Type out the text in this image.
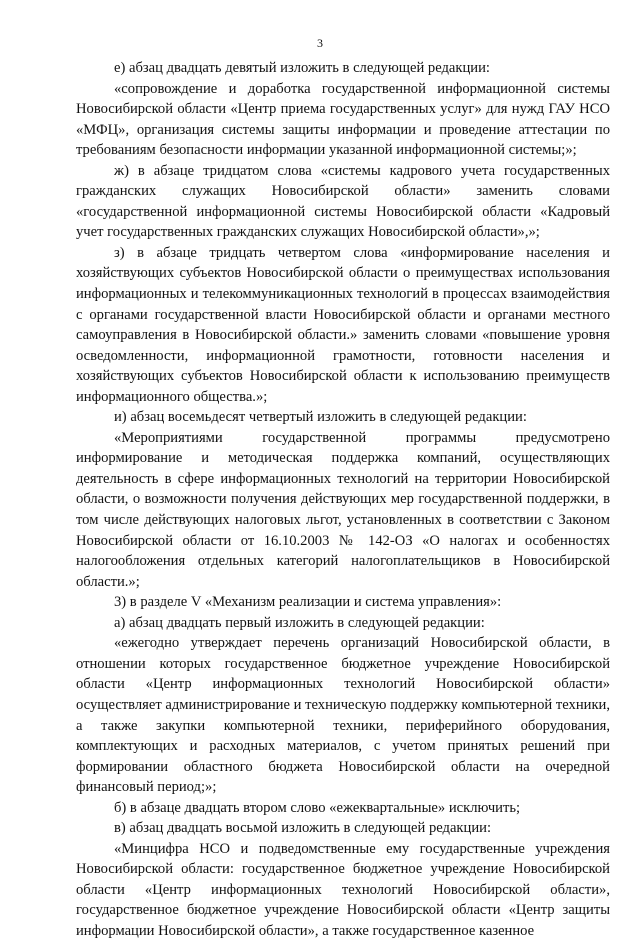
3

е) абзац двадцать девятый изложить в следующей редакции:

«сопровождение и доработка государственной информационной системы Новосибирской области «Центр приема государственных услуг» для нужд ГАУ НСО «МФЦ», организация системы защиты информации и проведение аттестации по требованиям безопасности информации указанной информационной системы;»;

ж) в абзаце тридцатом слова «системы кадрового учета государственных гражданских служащих Новосибирской области» заменить словами «государственной информационной системы Новосибирской области «Кадровый учет государственных гражданских служащих Новосибирской области»,»;

з) в абзаце тридцать четвертом слова «информирование населения и хозяйствующих субъектов Новосибирской области о преимуществах использования информационных и телекоммуникационных технологий в процессах взаимодействия с органами государственной власти Новосибирской области и органами местного самоуправления в Новосибирской области.» заменить словами «повышение уровня осведомленности, информационной грамотности, готовности населения и хозяйствующих субъектов Новосибирской области к использованию преимуществ информационного общества.»;

и) абзац восемьдесят четвертый изложить в следующей редакции:

«Мероприятиями государственной программы предусмотрено информирование и методическая поддержка компаний, осуществляющих деятельность в сфере информационных технологий на территории Новосибирской области, о возможности получения действующих мер государственной поддержки, в том числе действующих налоговых льгот, установленных в соответствии с Законом Новосибирской области от 16.10.2003 № 142-ОЗ «О налогах и особенностях налогообложения отдельных категорий налогоплательщиков в Новосибирской области.»;

3) в разделе V «Механизм реализации и система управления»:

а) абзац двадцать первый изложить в следующей редакции:

«ежегодно утверждает перечень организаций Новосибирской области, в отношении которых государственное бюджетное учреждение Новосибирской области «Центр информационных технологий Новосибирской области» осуществляет администрирование и техническую поддержку компьютерной техники, а также закупки компьютерной техники, периферийного оборудования, комплектующих и расходных материалов, с учетом принятых решений при формировании областного бюджета Новосибирской области на очередной финансовый период;»;

б) в абзаце двадцать втором слово «ежеквартальные» исключить;

в) абзац двадцать восьмой изложить в следующей редакции:

«Минцифра НСО и подведомственные ему государственные учреждения Новосибирской области: государственное бюджетное учреждение Новосибирской области «Центр информационных технологий Новосибирской области», государственное бюджетное учреждение Новосибирской области «Центр защиты информации Новосибирской области», а также государственное казенное
